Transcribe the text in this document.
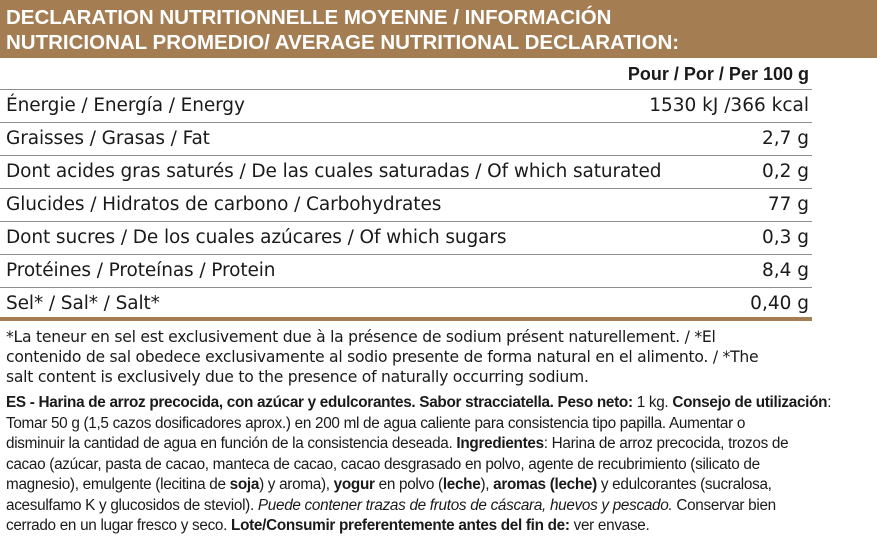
DECLARATION NUTRITIONNELLE MOYENNE / INFORMACIÓN
NUTRICIONAL PROMEDIO/ AVERAGE NUTRITIONAL DECLARATION:
Pour / Por / Per 100 g
Énergie / Energía / Energy	1530 kJ /366 kcal
Graisses / Grasas / Fat	2,7 g
Dont acides gras saturés / De las cuales saturadas / Of which saturated	0,2 g
Glucides / Hidratos de carbono / Carbohydrates	77 g
Dont sucres / De los cuales azúcares / Of which sugars	0,3 g
Protéines / Proteínas / Protein	8,4 g
Sel* / Sal* / Salt*	0,40 g
*La teneur en sel est exclusivement due à la présence de sodium présent naturellement. / *El
contenido de sal obedece exclusivamente al sodio presente de forma natural en el alimento. / *The
salt content is exclusively due to the presence of naturally occurring sodium.
ES - Harina de arroz precocida, con azúcar y edulcorantes. Sabor stracciatella. Peso neto: 1 kg. Consejo de utilización:
Tomar 50 g (1,5 cazos dosificadores aprox.) en 200 ml de agua caliente para consistencia tipo papilla. Aumentar o
disminuir la cantidad de agua en función de la consistencia deseada. Ingredientes: Harina de arroz precocida, trozos de
cacao (azúcar, pasta de cacao, manteca de cacao, cacao desgrasado en polvo, agente de recubrimiento (silicato de
magnesio), emulgente (lecitina de soja) y aroma), yogur en polvo (leche), aromas (leche) y edulcorantes (sucralosa,
acesulfamo K y glucosidos de steviol). Puede contener trazas de frutos de cáscara, huevos y pescado. Conservar bien
cerrado en un lugar fresco y seco. Lote/Consumir preferentemente antes del fin de: ver envase.
